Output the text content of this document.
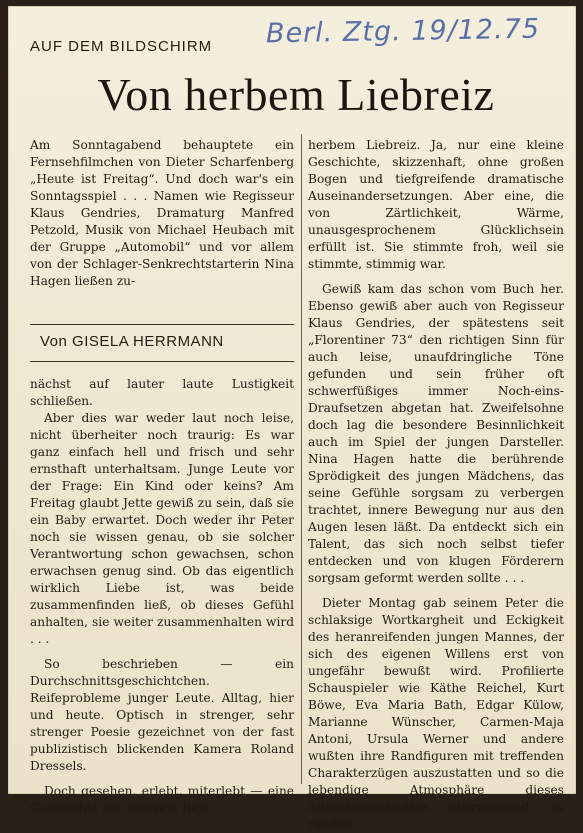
AUF DEM BILDSCHIRM Berl. Ztg. 19/12.75
Von herbem Liebreiz

Am Sonntagabend behauptete ein Fernsehfilmchen von Dieter Scharfenberg „Heute ist Freitag“. Und doch war's ein Sonntagsspiel . . . Namen wie Regisseur Klaus Gendries, Dramaturg Manfred Petzold, Musik von Michael Heubach mit der Gruppe „Automobil“ und vor allem von der Schlager-Senkrechtstarterin Nina Hagen ließen zu-

Von GISELA HERRMANN

nächst auf lauter laute Lustigkeit schließen.

Aber dies war weder laut noch leise, nicht überheiter noch traurig: Es war ganz einfach hell und frisch und sehr ernsthaft unterhaltsam. Junge Leute vor der Frage: Ein Kind oder keins? Am Freitag glaubt Jette gewiß zu sein, daß sie ein Baby erwartet. Doch weder ihr Peter noch sie wissen genau, ob sie solcher Verantwortung schon gewachsen, schon erwachsen genug sind. Ob das eigentlich wirklich Liebe ist, was beide zusammenfinden ließ, ob dieses Gefühl anhalten, sie weiter zusammenhalten wird . . .

So beschrieben — ein Durchschnittsgeschichtchen. Reifeprobleme junger Leute. Alltag, hier und heute. Optisch in strenger, sehr strenger Poesie gezeichnet von der fast publizistisch blickenden Kamera Roland Dressels.

Doch gesehen, erlebt, miterlebt — eine Geschichte mit innerem Reiz,

herbem Liebreiz. Ja, nur eine kleine Geschichte, skizzenhaft, ohne großen Bogen und tiefgreifende dramatische Auseinandersetzungen. Aber eine, die von Zärtlichkeit, Wärme, unausgesprochenem Glücklichsein erfüllt ist. Sie stimmte froh, weil sie stimmte, stimmig war.

Gewiß kam das schon vom Buch her. Ebenso gewiß aber auch von Regisseur Klaus Gendries, der spätestens seit „Florentiner 73“ den richtigen Sinn für auch leise, unaufdringliche Töne gefunden und sein früher oft schwerfüßiges immer Noch-eins-Draufsetzen abgetan hat. Zweifelsohne doch lag die besondere Besinnlichkeit auch im Spiel der jungen Darsteller. Nina Hagen hatte die berührende Sprödigkeit des jungen Mädchens, das seine Gefühle sorgsam zu verbergen trachtet, innere Bewegung nur aus den Augen lesen läßt. Da entdeckt sich ein Talent, das sich noch selbst tiefer entdecken und von klugen Förderern sorgsam geformt werden sollte . . .

Dieter Montag gab seinem Peter die schlaksige Wortkargheit und Eckigkeit des heranreifenden jungen Mannes, der sich des eigenen Willens erst von ungefähr bewußt wird. Profilierte Schauspieler wie Käthe Reichel, Kurt Böwe, Eva Maria Bath, Edgar Külow, Marianne Wünscher, Carmen-Maja Antoni, Ursula Werner und andere wußten ihre Randfiguren mit treffenden Charakterzügen auszustatten und so die lebendige Atmosphäre dieses Alltagsausschnittes überzeugend zu runden.
